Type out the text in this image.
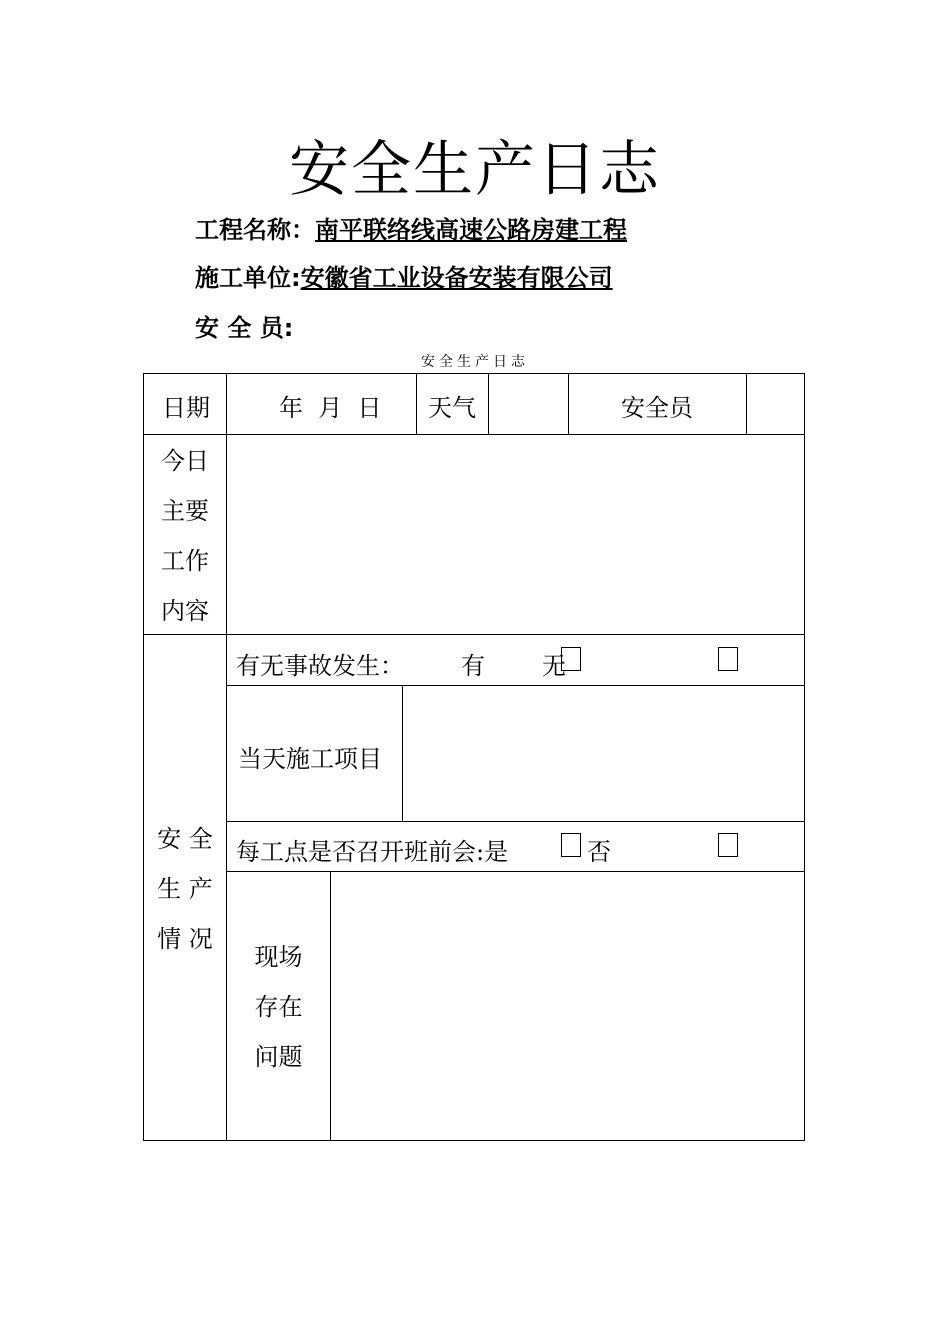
安全生产日志
工程名称：南平联络线高速公路房建工程
施工单位:安徽省工业设备安装有限公司
安 全 员:
安全生产日志
日期	年  月  日 天气	安全员
今日
主要
工作
内容
安 全
生 产
情 况
有无事故发生： 有 无
当天施工项目
每工点是否召开班前会:是	否
现场
存在
问题
